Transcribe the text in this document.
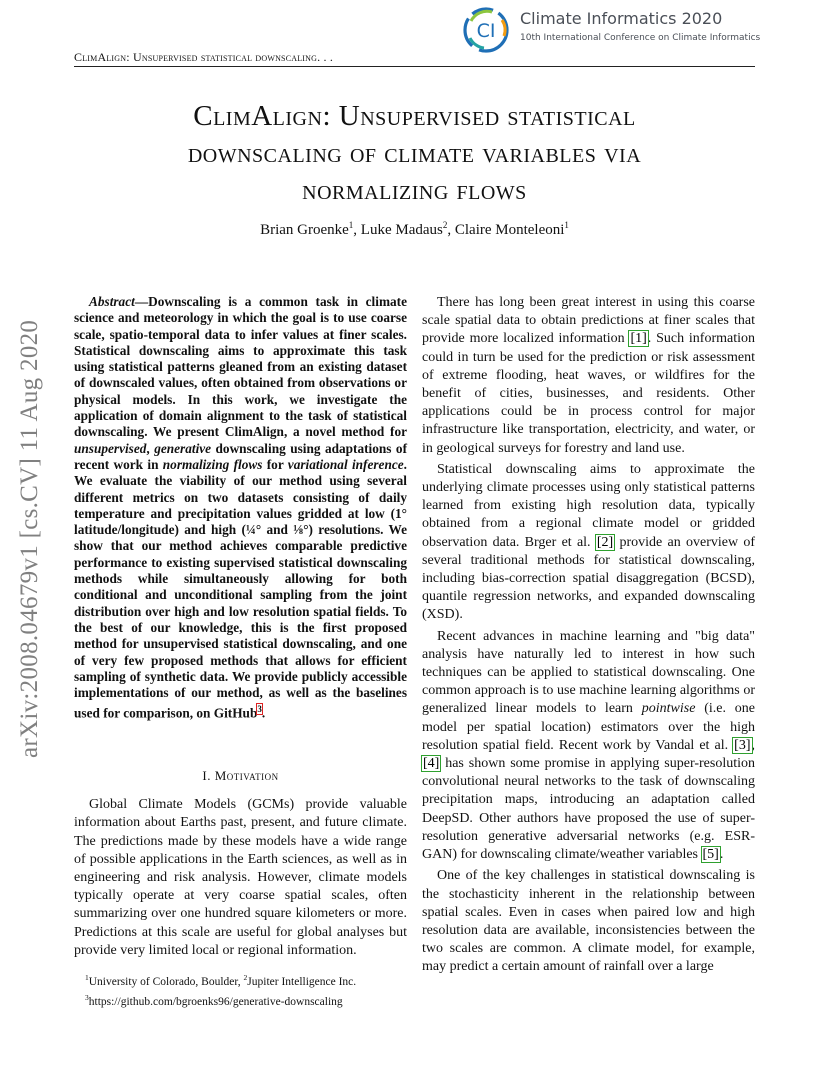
CI
Climate Informatics 2020
10th International Conference on Climate Informatics
ClimAlign: Unsupervised statistical downscaling. . .
ClimAlign: Unsupervised statistical
downscaling of climate variables via
normalizing flows
Brian Groenke$^1$, Luke Madaus$^2$, Claire Monteleoni$^1$
arXiv:2008.04679v1 [cs.CV] 11 Aug 2020

Abstract—Downscaling is a common task in climate science and meteorology in which the goal is to use coarse scale, spatio-temporal data to infer values at finer scales. Statistical downscaling aims to approximate this task using statistical patterns gleaned from an existing dataset of downscaled values, often obtained from observations or physical models. In this work, we investigate the application of domain alignment to the task of statistical downscaling. We present ClimAlign, a novel method for unsupervised, generative downscaling using adaptations of recent work in normalizing flows for variational inference. We evaluate the viability of our method using several different metrics on two datasets consisting of daily temperature and precipitation values gridded at low (1° latitude/longitude) and high (¼° and ⅛°) resolutions. We show that our method achieves comparable predictive performance to existing supervised statistical downscaling methods while simultaneously allowing for both conditional and unconditional sampling from the joint distribution over high and low resolution spatial fields. To the best of our knowledge, this is the first proposed method for unsupervised statistical downscaling, and one of very few proposed methods that allows for efficient sampling of synthetic data. We provide publicly accessible implementations of our method, as well as the baselines used for comparison, on GitHub$^3$.

I. Motivation

Global Climate Models (GCMs) provide valuable information about Earths past, present, and future climate. The predictions made by these models have a wide range of possible applications in the Earth sciences, as well as in engineering and risk analysis. However, climate models typically operate at very coarse spatial scales, often summarizing over one hundred square kilometers or more. Predictions at this scale are useful for global analyses but provide very limited local or regional information.

$^1$University of Colorado, Boulder, $^2$Jupiter Intelligence Inc.
$^3$https://github.com/bgroenks96/generative-downscaling

There has long been great interest in using this coarse scale spatial data to obtain predictions at finer scales that provide more localized information [1]. Such information could in turn be used for the prediction or risk assessment of extreme flooding, heat waves, or wildfires for the benefit of cities, businesses, and residents. Other applications could be in process control for major infrastructure like transportation, electricity, and water, or in geological surveys for forestry and land use.

Statistical downscaling aims to approximate the underlying climate processes using only statistical patterns learned from existing high resolution data, typically obtained from a regional climate model or gridded observation data. Brger et al. [2] provide an overview of several traditional methods for statistical downscaling, including bias-correction spatial disaggregation (BCSD), quantile regression networks, and expanded downscaling (XSD).

Recent advances in machine learning and "big data" analysis have naturally led to interest in how such techniques can be applied to statistical downscaling. One common approach is to use machine learning algorithms or generalized linear models to learn pointwise (i.e. one model per spatial location) estimators over the high resolution spatial field. Recent work by Vandal et al. [3], [4] has shown some promise in applying super-resolution convolutional neural networks to the task of downscaling precipitation maps, introducing an adaptation called DeepSD. Other authors have proposed the use of super-resolution generative adversarial networks (e.g. ESR-GAN) for downscaling climate/weather variables [5].

One of the key challenges in statistical downscaling is the stochasticity inherent in the relationship between spatial scales. Even in cases when paired low and high resolution data are available, inconsistencies between the two scales are common. A climate model, for example, may predict a certain amount of rainfall over a large
